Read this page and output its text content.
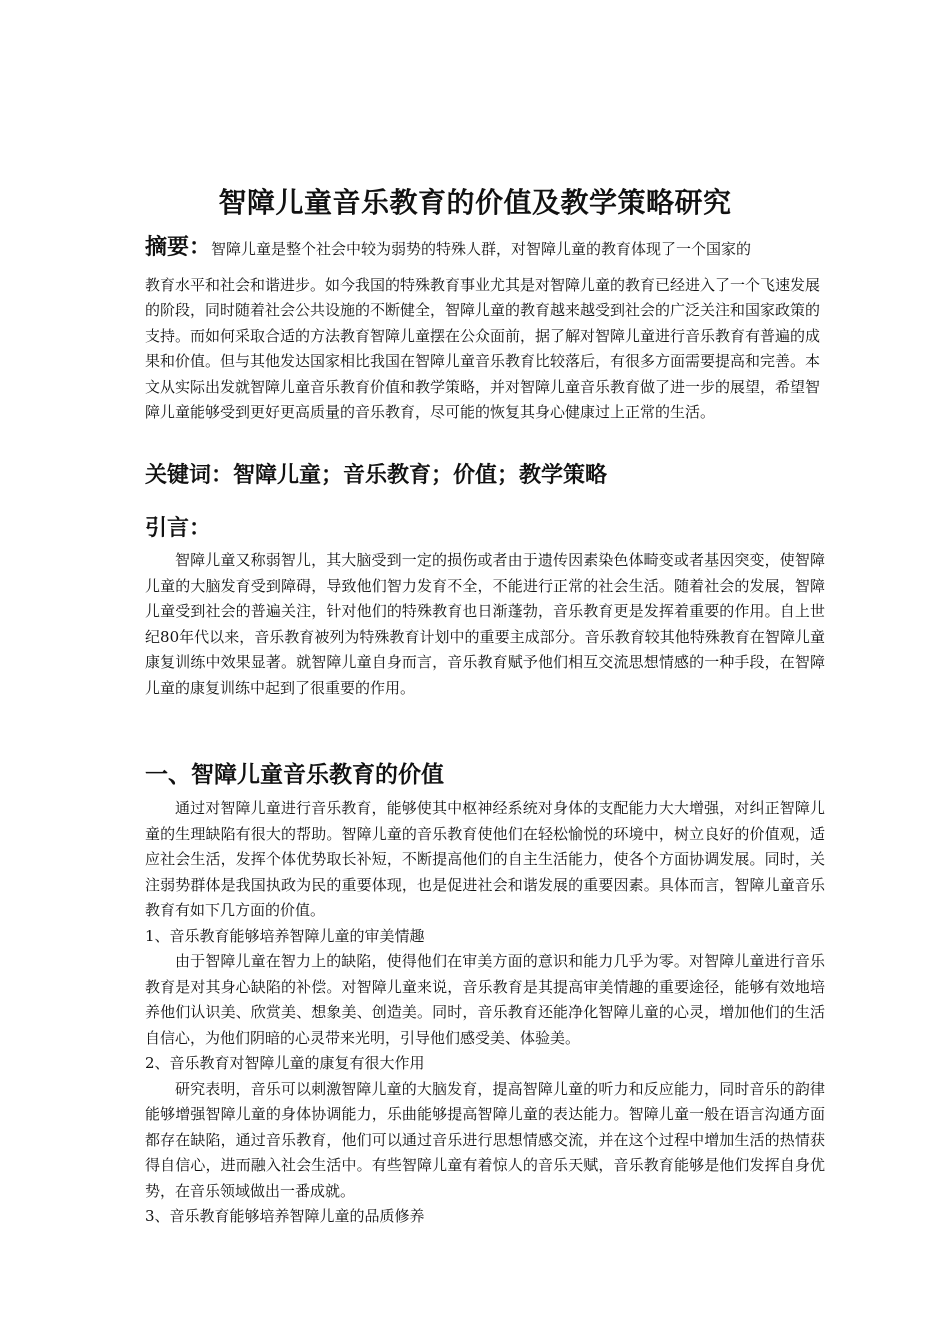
智障儿童音乐教育的价值及教学策略研究
摘要：智障儿童是整个社会中较为弱势的特殊人群，对智障儿童的教育体现了一个国家的
教育水平和社会和谐进步。如今我国的特殊教育事业尤其是对智障儿童的教育已经进入了一个飞速发展的阶段，同时随着社会公共设施的不断健全，智障儿童的教育越来越受到社会的广泛关注和国家政策的支持。而如何采取合适的方法教育智障儿童摆在公众面前，据了解对智障儿童进行音乐教育有普遍的成果和价值。但与其他发达国家相比我国在智障儿童音乐教育比较落后，有很多方面需要提高和完善。本文从实际出发就智障儿童音乐教育价值和教学策略，并对智障儿童音乐教育做了进一步的展望，希望智障儿童能够受到更好更高质量的音乐教育，尽可能的恢复其身心健康过上正常的生活。
关键词：智障儿童；音乐教育；价值；教学策略
引言：

智障儿童又称弱智儿，其大脑受到一定的损伤或者由于遗传因素染色体畸变或者基因突变，使智障儿童的大脑发育受到障碍，导致他们智力发育不全，不能进行正常的社会生活。随着社会的发展，智障儿童受到社会的普遍关注，针对他们的特殊教育也日渐蓬勃，音乐教育更是发挥着重要的作用。自上世纪80年代以来，音乐教育被列为特殊教育计划中的重要主成部分。音乐教育较其他特殊教育在智障儿童康复训练中效果显著。就智障儿童自身而言，音乐教育赋予他们相互交流思想情感的一种手段，在智障儿童的康复训练中起到了很重要的作用。

一、智障儿童音乐教育的价值

通过对智障儿童进行音乐教育，能够使其中枢神经系统对身体的支配能力大大增强，对纠正智障儿童的生理缺陷有很大的帮助。智障儿童的音乐教育使他们在轻松愉悦的环境中，树立良好的价值观，适应社会生活，发挥个体优势取长补短，不断提高他们的自主生活能力，使各个方面协调发展。同时，关注弱势群体是我国执政为民的重要体现，也是促进社会和谐发展的重要因素。具体而言，智障儿童音乐教育有如下几方面的价值。

1、音乐教育能够培养智障儿童的审美情趣

由于智障儿童在智力上的缺陷，使得他们在审美方面的意识和能力几乎为零。对智障儿童进行音乐教育是对其身心缺陷的补偿。对智障儿童来说，音乐教育是其提高审美情趣的重要途径，能够有效地培养他们认识美、欣赏美、想象美、创造美。同时，音乐教育还能净化智障儿童的心灵，增加他们的生活自信心，为他们阴暗的心灵带来光明，引导他们感受美、体验美。

2、音乐教育对智障儿童的康复有很大作用

研究表明，音乐可以刺激智障儿童的大脑发育，提高智障儿童的听力和反应能力，同时音乐的韵律能够增强智障儿童的身体协调能力，乐曲能够提高智障儿童的表达能力。智障儿童一般在语言沟通方面都存在缺陷，通过音乐教育，他们可以通过音乐进行思想情感交流，并在这个过程中增加生活的热情获得自信心，进而融入社会生活中。有些智障儿童有着惊人的音乐天赋，音乐教育能够是他们发挥自身优势，在音乐领域做出一番成就。

3、音乐教育能够培养智障儿童的品质修养
